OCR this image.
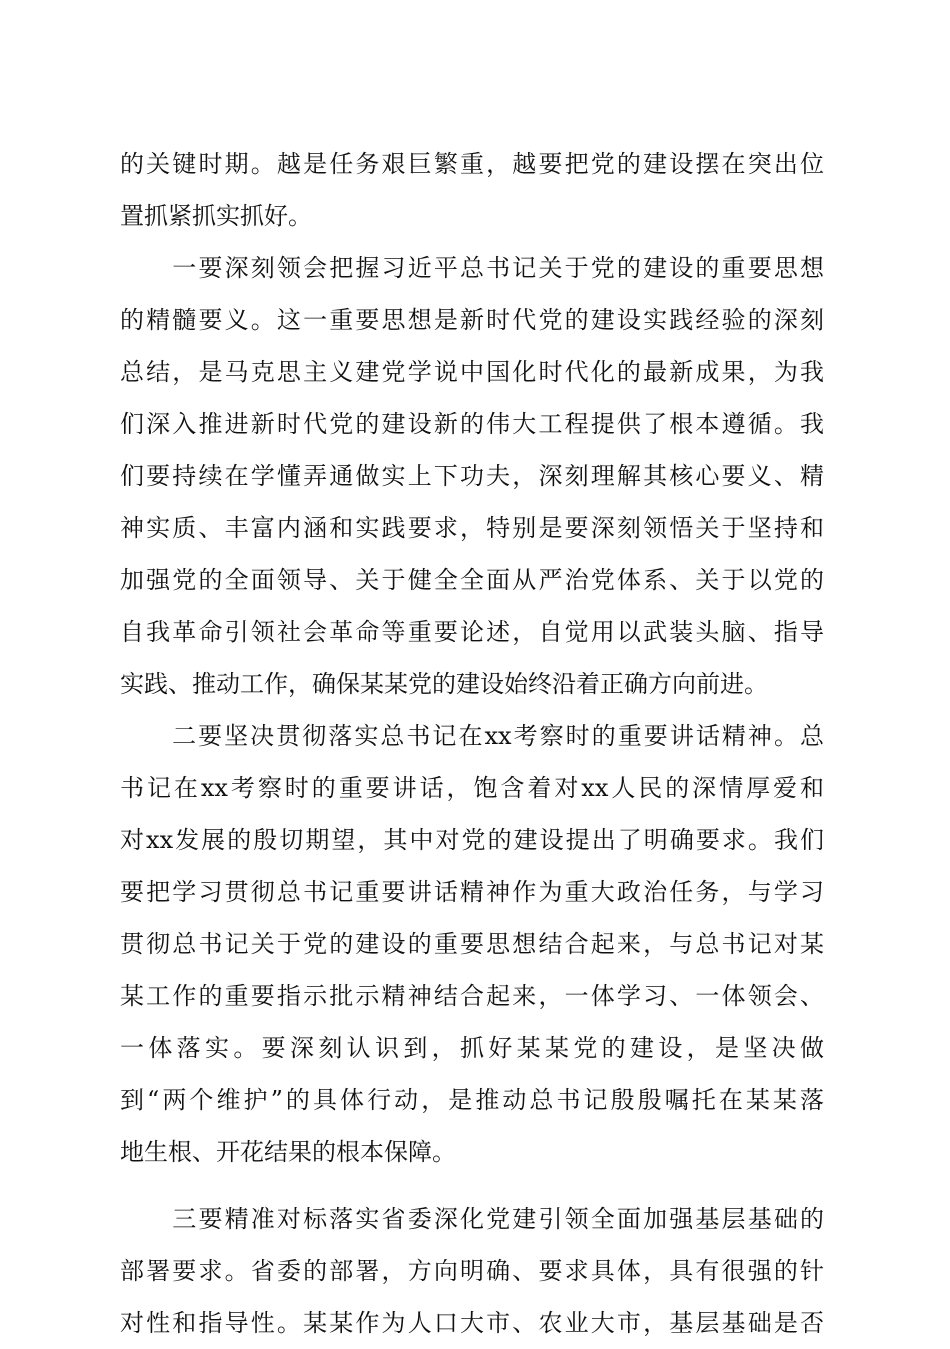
的关键时期。越是任务艰巨繁重，越要把党的建设摆在突出位
置抓紧抓实抓好。
　　一要深刻领会把握习近平总书记关于党的建设的重要思想
的精髓要义。这一重要思想是新时代党的建设实践经验的深刻
总结，是马克思主义建党学说中国化时代化的最新成果，为我
们深入推进新时代党的建设新的伟大工程提供了根本遵循。我
们要持续在学懂弄通做实上下功夫，深刻理解其核心要义、精
神实质、丰富内涵和实践要求，特别是要深刻领悟关于坚持和
加强党的全面领导、关于健全全面从严治党体系、关于以党的
自我革命引领社会革命等重要论述，自觉用以武装头脑、指导
实践、推动工作，确保某某党的建设始终沿着正确方向前进。
　　二要坚决贯彻落实总书记在xx考察时的重要讲话精神。总
书记在xx考察时的重要讲话，饱含着对xx人民的深情厚爱和
对xx发展的殷切期望，其中对党的建设提出了明确要求。我们
要把学习贯彻总书记重要讲话精神作为重大政治任务，与学习
贯彻总书记关于党的建设的重要思想结合起来，与总书记对某
某工作的重要指示批示精神结合起来，一体学习、一体领会、
一体落实。要深刻认识到，抓好某某党的建设，是坚决做
到“两个维护”的具体行动，是推动总书记殷殷嘱托在某某落
地生根、开花结果的根本保障。
　　三要精准对标落实省委深化党建引领全面加强基层基础的
部署要求。省委的部署，方向明确、要求具体，具有很强的针
对性和指导性。某某作为人口大市、农业大市，基层基础是否
